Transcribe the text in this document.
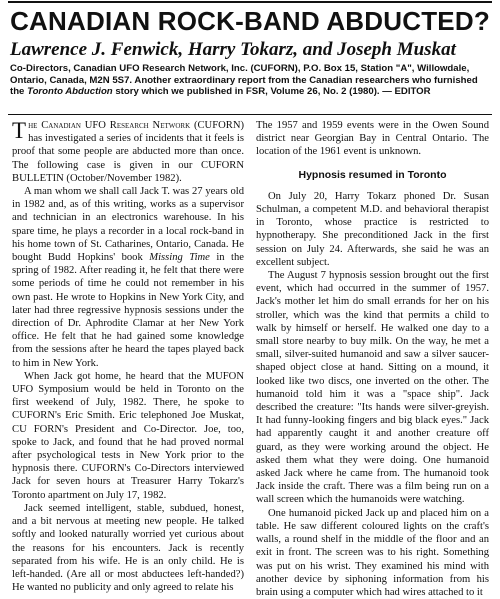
CANADIAN ROCK-BAND ABDUCTED?

Lawrence J. Fenwick, Harry Tokarz, and Joseph Muskat

Co-Directors, Canadian UFO Research Network, Inc. (CUFORN), P.O. Box 15, Station "A", Willowdale, Ontario, Canada, M2N 5S7. Another extraordinary report from the Canadian researchers who furnished the Toronto Abduction story which we published in FSR, Volume 26, No. 2 (1980). — EDITOR

The Canadian UFO Research Network (CUFORN) has investigated a series of incidents that it feels is proof that some people are abducted more than once. The following case is given in our CUFORN BULLETIN (October/November 1982).

A man whom we shall call Jack T. was 27 years old in 1982 and, as of this writing, works as a supervisor and technician in an electronics warehouse. In his spare time, he plays a recorder in a local rock-band in his home town of St. Catharines, Ontario, Canada. He bought Budd Hopkins' book Missing Time in the spring of 1982. After reading it, he felt that there were some periods of time he could not remember in his own past. He wrote to Hopkins in New York City, and later had three regressive hypnosis sessions under the direction of Dr. Aphrodite Clamar at her New York office. He felt that he had gained some knowledge from the sessions after he heard the tapes played back to him in New York.

When Jack got home, he heard that the MUFON UFO Symposium would be held in Toronto on the first weekend of July, 1982. There, he spoke to CUFORN's Eric Smith. Eric telephoned Joe Muskat, CU FORN's President and Co-Director. Joe, too, spoke to Jack, and found that he had proved normal after psychological tests in New York prior to the hypnosis there. CUFORN's Co-Directors interviewed Jack for seven hours at Treasurer Harry Tokarz's Toronto apartment on July 17, 1982.

Jack seemed intelligent, stable, subdued, honest, and a bit nervous at meeting new people. He talked softly and looked naturally worried yet curious about the reasons for his encounters. Jack is recently separated from his wife. He is an only child. He is left-handed. (Are all or most abductees left-handed?) He wanted no publicity and only agreed to relate his

The 1957 and 1959 events were in the Owen Sound district near Georgian Bay in Central Ontario. The location of the 1961 event is unknown.

Hypnosis resumed in Toronto

On July 20, Harry Tokarz phoned Dr. Susan Schulman, a competent M.D. and behavioral therapist in Toronto, whose practice is restricted to hypnotherapy. She preconditioned Jack in the first session on July 24. Afterwards, she said he was an excellent subject.

The August 7 hypnosis session brought out the first event, which had occurred in the summer of 1957. Jack's mother let him do small errands for her on his stroller, which was the kind that permits a child to walk by himself or herself. He walked one day to a small store nearby to buy milk. On the way, he met a small, silver-suited humanoid and saw a silver saucer-shaped object close at hand. Sitting on a mound, it looked like two discs, one inverted on the other. The humanoid told him it was a "space ship". Jack described the creature: "Its hands were silver-greyish. It had funny-looking fingers and big black eyes." Jack had apparently caught it and another creature off guard, as they were working around the object. He asked them what they were doing. One humanoid asked Jack where he came from. The humanoid took Jack inside the craft. There was a film being run on a wall screen which the humanoids were watching.

One humanoid picked Jack up and placed him on a table. He saw different coloured lights on the craft's walls, a round shelf in the middle of the floor and an exit in front. The screen was to his right. Something was put on his wrist. They examined his mind with another device by siphoning information from his brain using a computer which had wires attached to it
